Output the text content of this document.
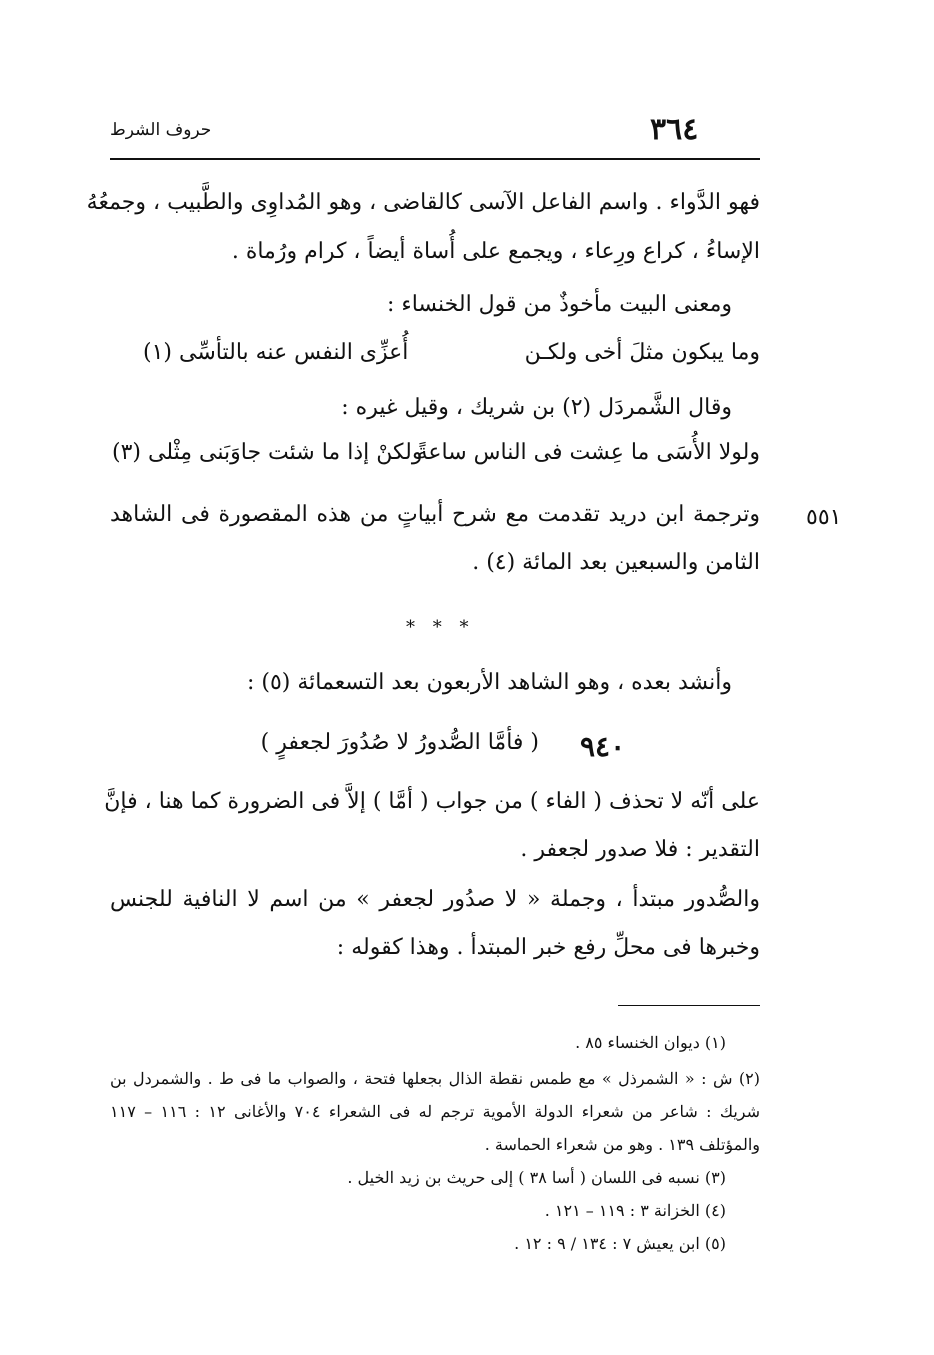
٣٦٤
حروف الشرط
فهو الدَّواء . واسم الفاعل الآسى كالقاضى ، وهو المُداوِى والطَّبيب ، وجمعُهُ
الإساءُ ، كراع ورِعاء ، ويجمع على أُساة أيضاً ، كرام ورُماة .
ومعنى البيت مأخوذٌ من قول الخنساء :
وما يبكون مثلَ أخى ولكـن
أُعزِّى النفس عنه بالتأسِّى (١)
وقال الشَّمردَل (٢) بن شريك ، وقيل غيره :
ولولا الأُسَى ما عِشت فى الناس ساعةً
ولكنْ إذا ما شئت جاوَبَنى مِثْلى (٣)
٥٥١
وترجمة ابن دريد تقدمت مع شرح أبياتٍ من هذه المقصورة فى الشاهد
الثامن والسبعين بعد المائة (٤) .
* * *
وأنشد بعده ، وهو الشاهد الأربعون بعد التسعمائة (٥) :
٩٤٠
( فأمَّا الصُّدورُ لا صُدُورَ لجعفرٍ )
على أنّه لا تحذف ( الفاء ) من جواب ( أمَّا ) إلاَّ فى الضرورة كما هنا ، فإنَّ
التقدير : فلا صدور لجعفر .
والصُّدور مبتدأ ، وجملة « لا صدُور لجعفر » من اسم لا النافية للجنس
وخبرها فى محلِّ رفع خبر المبتدأ . وهذا كقوله :
(١) ديوان الخنساء ٨٥ .
(٢) ش : « الشمرذل » مع طمس نقطة الذال بجعلها فتحة ، والصواب ما فى ط . والشمردل بن
شريك : شاعر من شعراء الدولة الأموية ترجم له فى الشعراء ٧٠٤ والأغانى ١٢ : ١١٦ – ١١٧
والمؤتلف ١٣٩ . وهو من شعراء الحماسة .
(٣) نسبه فى اللسان ( أسا ٣٨ ) إلى حريث بن زيد الخيل .
(٤) الخزانة ٣ : ١١٩ – ١٢١ .
(٥) ابن يعيش ٧ : ١٣٤ / ٩ : ١٢ .
